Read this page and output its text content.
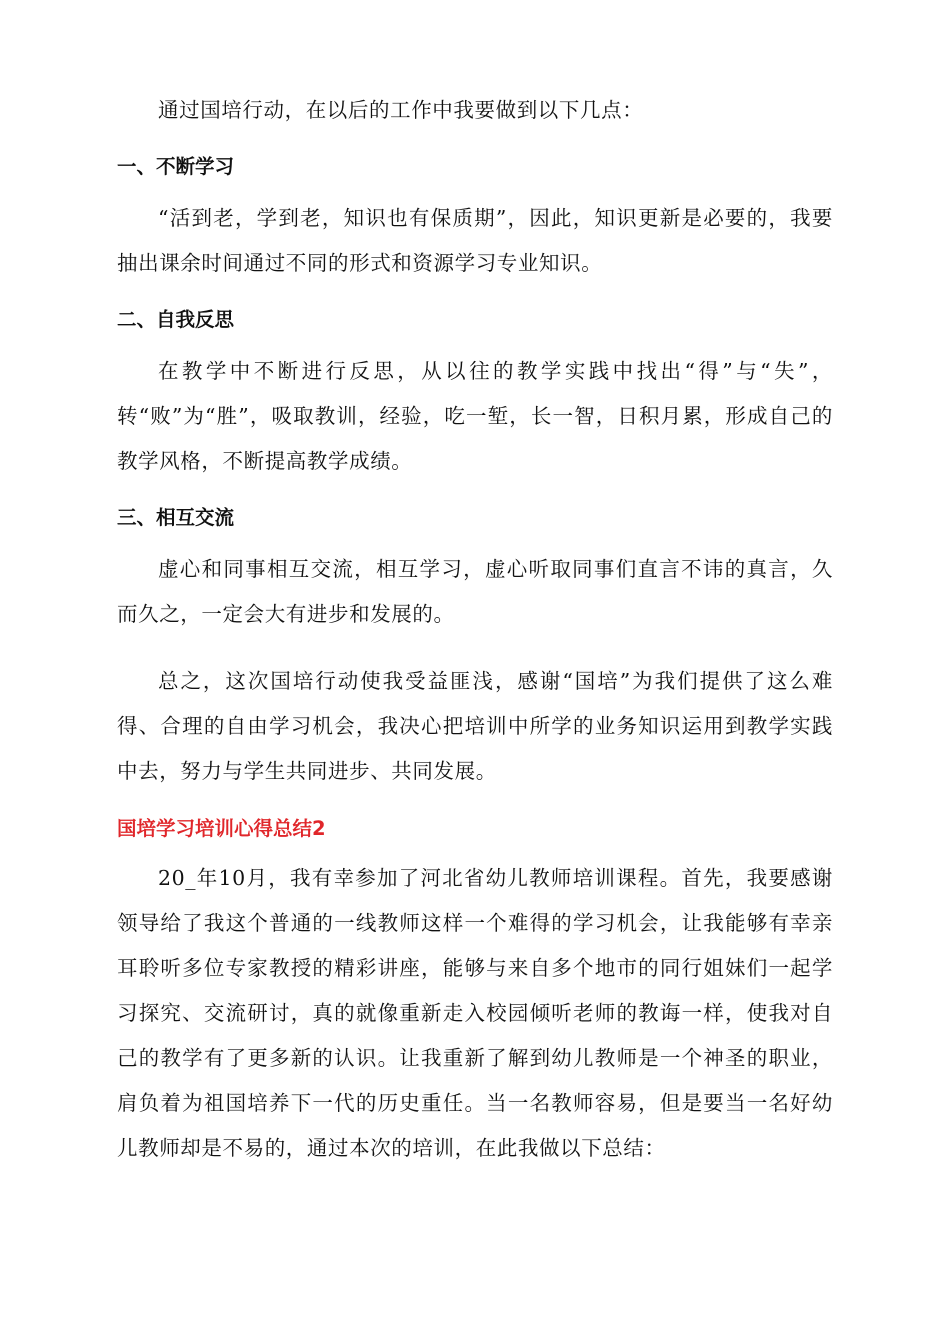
通过国培行动，在以后的工作中我要做到以下几点：

一、不断学习

“活到老，学到老，知识也有保质期”，因此，知识更新是必要的，我要抽出课余时间通过不同的形式和资源学习专业知识。

二、自我反思

在教学中不断进行反思，从以往的教学实践中找出“得”与“失”，转“败”为“胜”，吸取教训，经验，吃一堑，长一智，日积月累，形成自己的教学风格，不断提高教学成绩。

三、相互交流

虚心和同事相互交流，相互学习，虚心听取同事们直言不讳的真言，久而久之，一定会大有进步和发展的。

总之，这次国培行动使我受益匪浅，感谢“国培”为我们提供了这么难得、合理的自由学习机会，我决心把培训中所学的业务知识运用到教学实践中去，努力与学生共同进步、共同发展。

国培学习培训心得总结2

20_年10月，我有幸参加了河北省幼儿教师培训课程。首先，我要感谢领导给了我这个普通的一线教师这样一个难得的学习机会，让我能够有幸亲耳聆听多位专家教授的精彩讲座，能够与来自多个地市的同行姐妹们一起学习探究、交流研讨，真的就像重新走入校园倾听老师的教诲一样，使我对自己的教学有了更多新的认识。让我重新了解到幼儿教师是一个神圣的职业，肩负着为祖国培养下一代的历史重任。当一名教师容易，但是要当一名好幼儿教师却是不易的，通过本次的培训，在此我做以下总结：
